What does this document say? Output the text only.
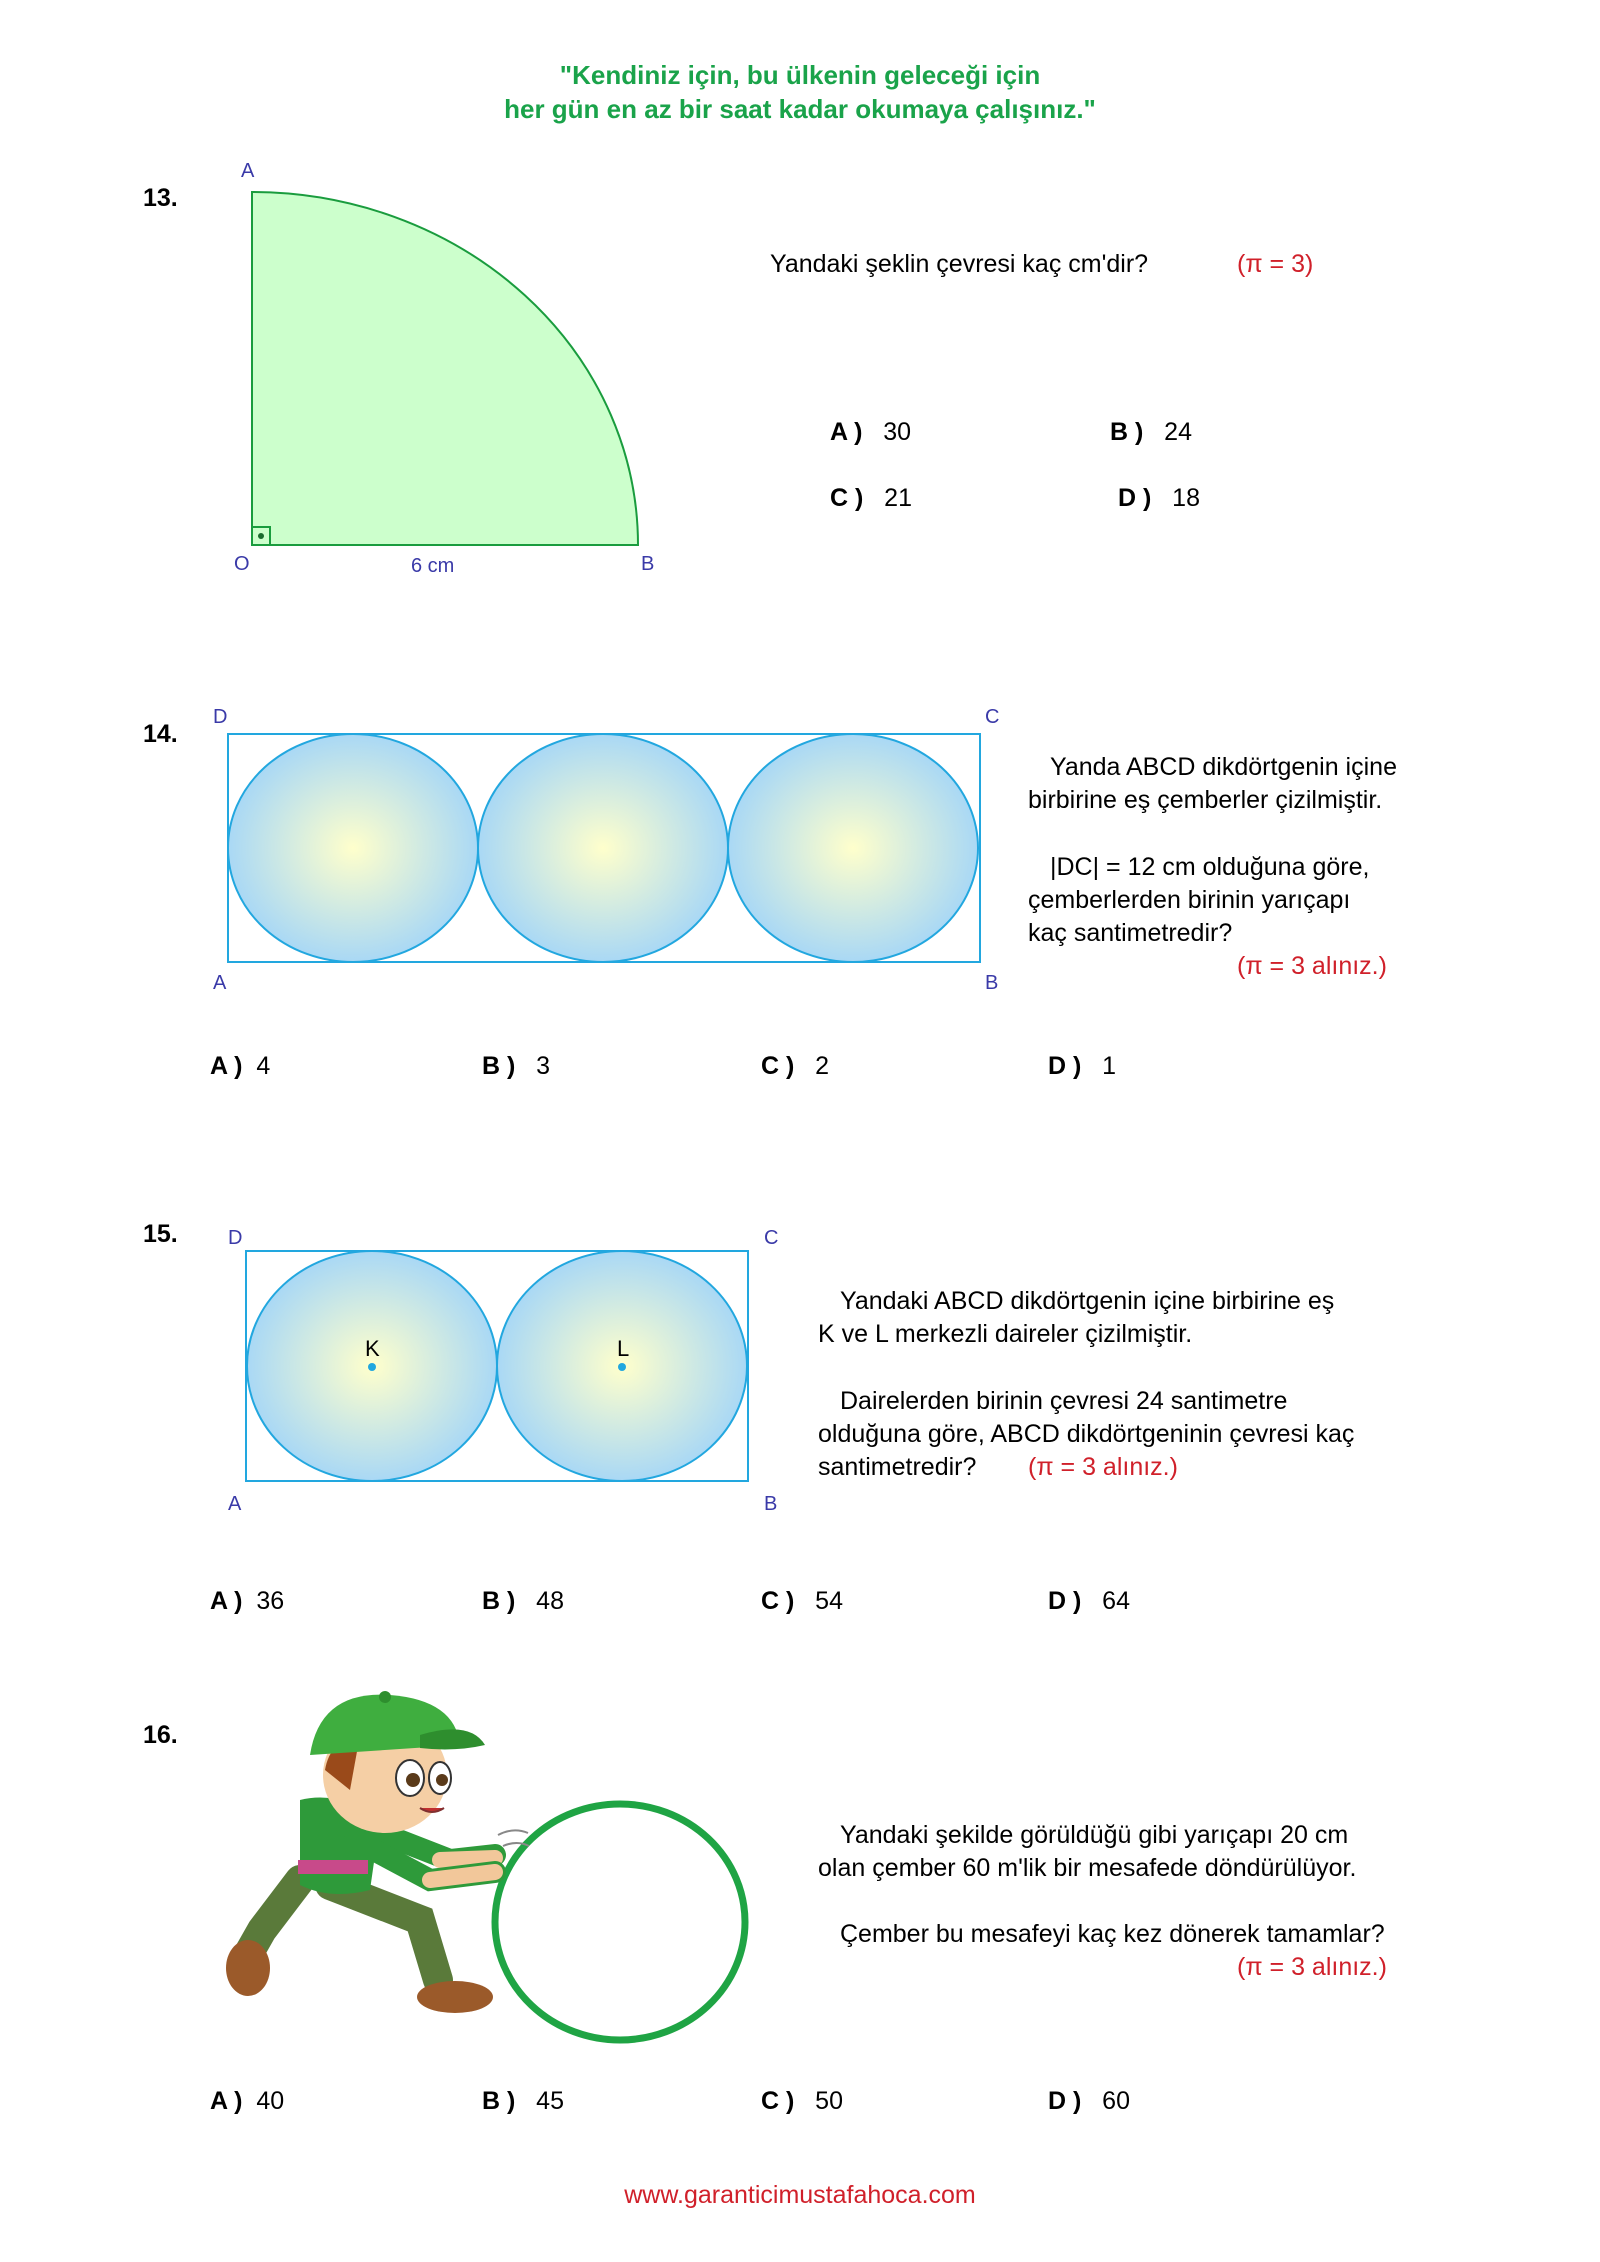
"Kendiniz için, bu ülkenin geleceği için
her gün en az bir saat kadar okumaya çalışınız."
13.
A
O	B
6 cm
Yandaki şeklin çevresi kaç cm'dir?	(π = 3)
A ) 30	B ) 24
C ) 21	D ) 18
14.
D	C
A	B
Yanda ABCD dikdörtgenin içine
birbirine eş çemberler çizilmiştir.
|DC| = 12 cm olduğuna göre,
çemberlerden birinin yarıçapı
kaç santimetredir?
(π = 3 alınız.)
A ) 4	B ) 3	C ) 2	D ) 1
15.	D	C
A	B
K	L
Yandaki ABCD dikdörtgenin içine birbirine eş
K ve L merkezli daireler çizilmiştir.
Dairelerden birinin çevresi 24 santimetre
olduğuna göre, ABCD dikdörtgeninin çevresi kaç
santimetredir? (π = 3 alınız.)
A ) 36	B ) 48	C ) 54	D ) 64
16.
Yandaki şekilde görüldüğü gibi yarıçapı 20 cm
olan çember 60 m'lik bir mesafede döndürülüyor.
Çember bu mesafeyi kaç kez dönerek tamamlar?
(π = 3 alınız.)
A ) 40	B ) 45	C ) 50	D ) 60
www.garanticimustafahoca.com
